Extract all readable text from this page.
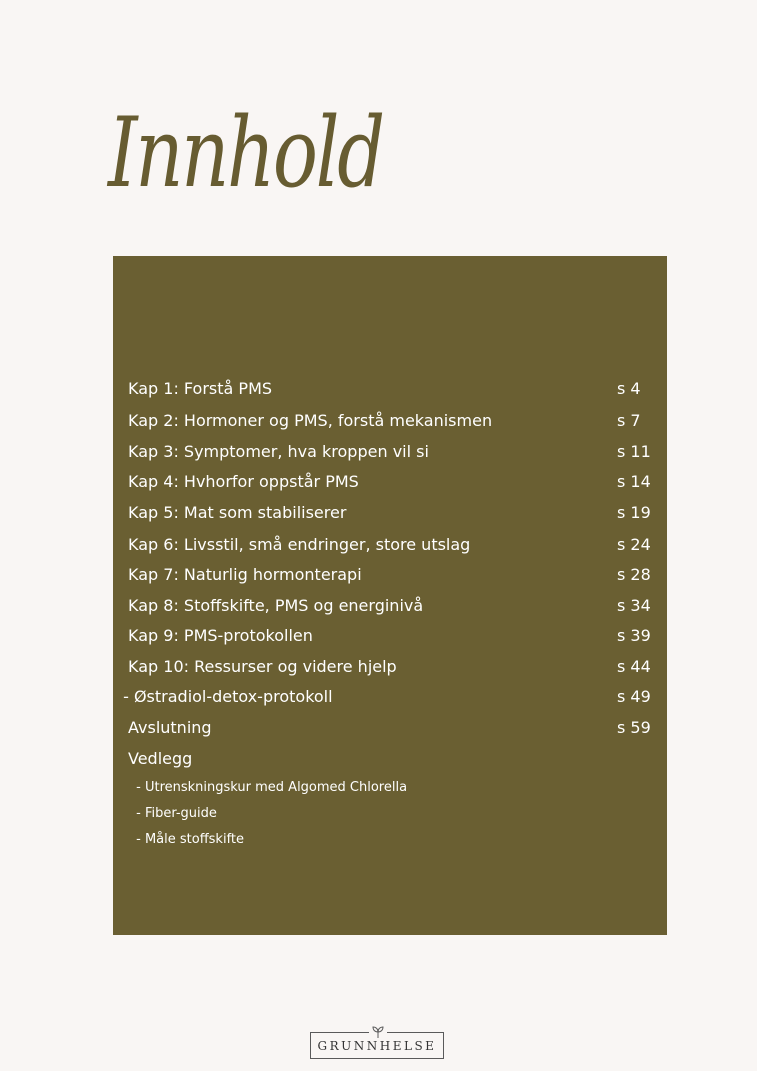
Innhold
Kap 1: Forstå PMS	s 4
Kap 2: Hormoner og PMS, forstå mekanismen	s 7
Kap 3: Symptomer, hva kroppen vil si	s 11
Kap 4: Hvhorfor oppstår PMS	s 14
Kap 5: Mat som stabiliserer	s 19
Kap 6: Livsstil, små endringer, store utslag	s 24
Kap 7: Naturlig hormonterapi	s 28
Kap 8: Stoffskifte, PMS og energinivå	s 34
Kap 9: PMS-protokollen	s 39
Kap 10: Ressurser og videre hjelp	s 44
- Østradiol-detox-protokoll	s 49
Avslutning	s 59
Vedlegg
- Utrenskningskur med Algomed Chlorella
- Fiber-guide
- Måle stoffskifte
GRUNNHELSE
